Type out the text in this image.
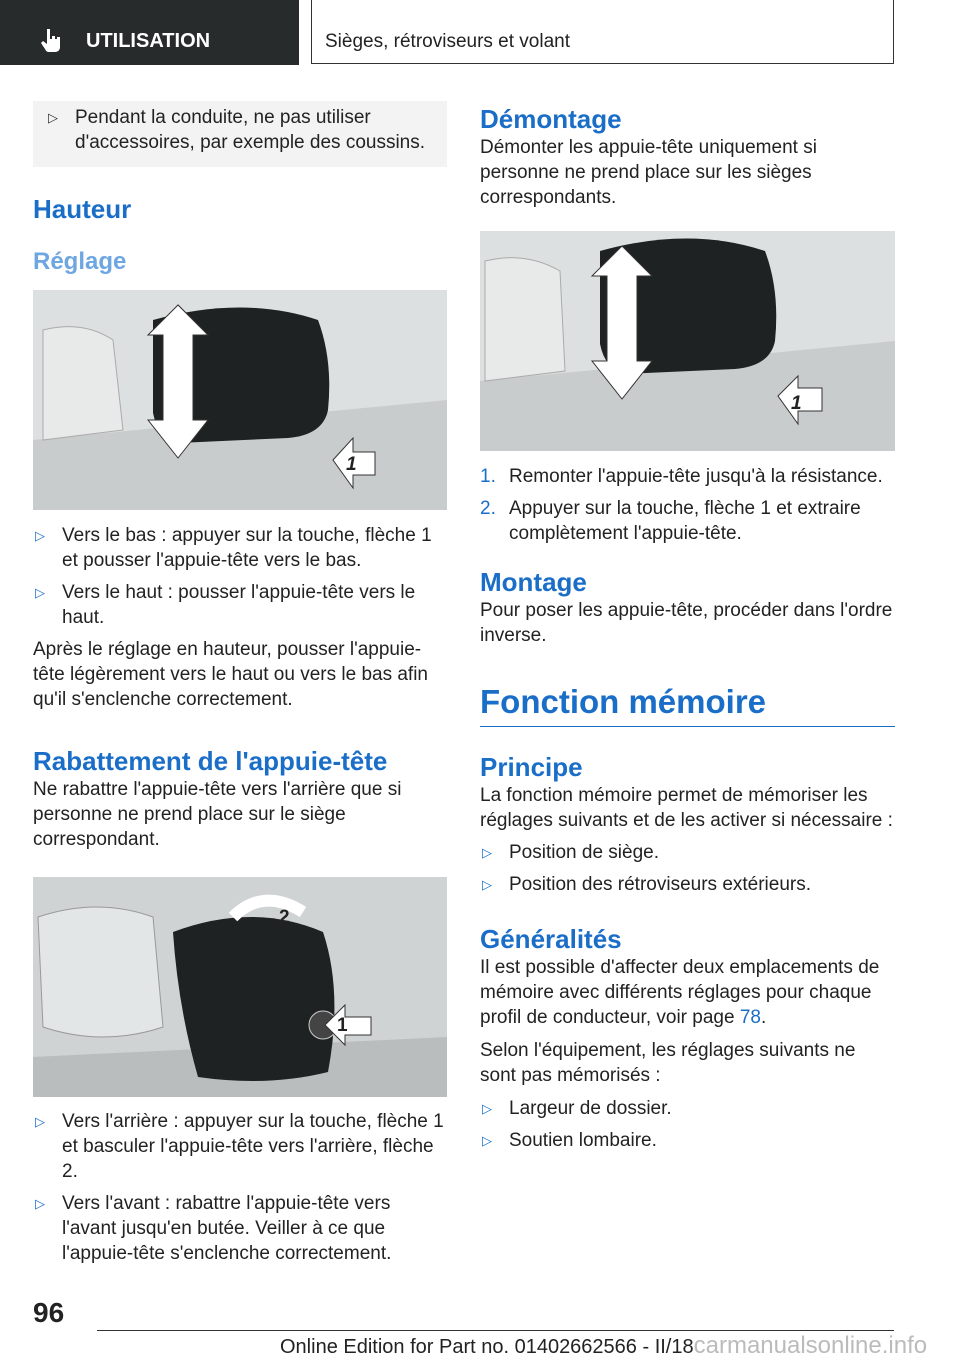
UTILISATION	Sièges, rétroviseurs et volant
▷ Pendant la conduite, ne pas utiliser d'accessoires, par exemple des coussins.
Hauteur
Réglage
1
▷ Vers le bas : appuyer sur la touche, flèche 1 et pousser l'appuie-tête vers le bas.
▷ Vers le haut : pousser l'appuie-tête vers le haut.

Après le réglage en hauteur, pousser l'appuie-tête légèrement vers le haut ou vers le bas afin qu'il s'enclenche correctement.

Rabattement de l'appuie-tête

Ne rabattre l'appuie-tête vers l'arrière que si personne ne prend place sur le siège correspondant.

2
1
▷ Vers l'arrière : appuyer sur la touche, flèche 1 et basculer l'appuie-tête vers l'arrière, flèche 2.
▷ Vers l'avant : rabattre l'appuie-tête vers l'avant jusqu'en butée. Veiller à ce que l'appuie-tête s'enclenche correctement.
Démontage

Démonter les appuie-tête uniquement si personne ne prend place sur les sièges correspondants.

1
1. Remonter l'appuie-tête jusqu'à la résistance.
2. Appuyer sur la touche, flèche 1 et extraire complètement l'appuie-tête.
Montage

Pour poser les appuie-tête, procéder dans l'ordre inverse.

Fonction mémoire
Principe

La fonction mémoire permet de mémoriser les réglages suivants et de les activer si nécessaire :

▷ Position de siège.
▷ Position des rétroviseurs extérieurs.
Généralités

Il est possible d'affecter deux emplacements de mémoire avec différents réglages pour chaque profil de conducteur, voir page 78.

Selon l'équipement, les réglages suivants ne sont pas mémorisés :

▷ Largeur de dossier.
▷ Soutien lombaire.
96
Online Edition for Part no. 01402662566 - II/18carmanualsonline.info
